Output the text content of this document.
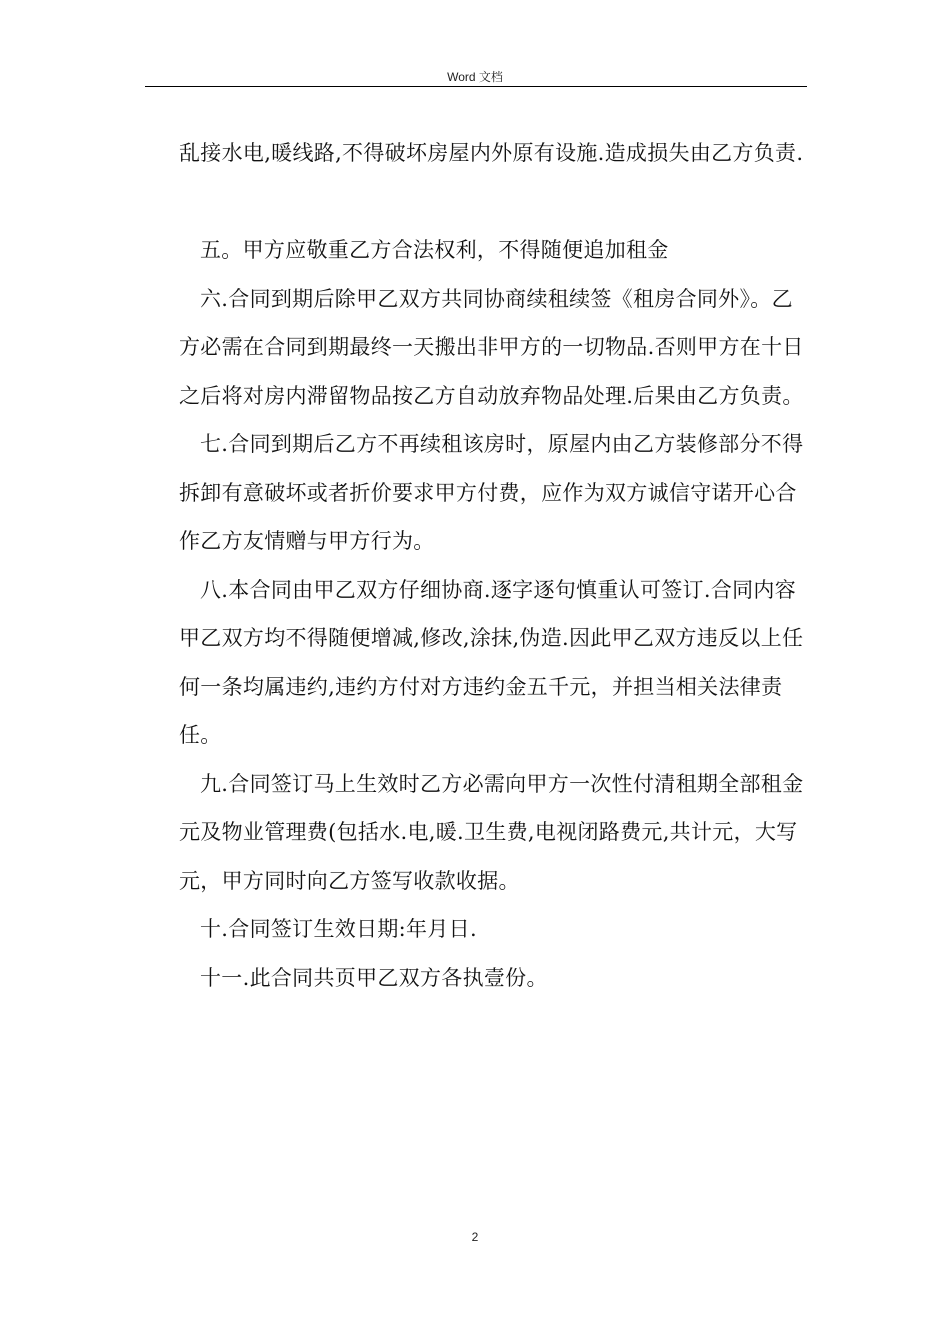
Word 文档

乱接水电,暖线路,不得破坏房屋内外原有设施.造成损失由乙方负责.

五。甲方应敬重乙方合法权利，不得随便追加租金

六.合同到期后除甲乙双方共同协商续租续签《租房合同外》。乙方必需在合同到期最终一天搬出非甲方的一切物品.否则甲方在十日之后将对房内滞留物品按乙方自动放弃物品处理.后果由乙方负责。

七.合同到期后乙方不再续租该房时，原屋内由乙方装修部分不得拆卸有意破坏或者折价要求甲方付费，应作为双方诚信守诺开心合作乙方友情赠与甲方行为。

八.本合同由甲乙双方仔细协商.逐字逐句慎重认可签订.合同内容甲乙双方均不得随便增减,修改,涂抹,伪造.因此甲乙双方违反以上任何一条均属违约,违约方付对方违约金五千元，并担当相关法律责任。

九.合同签订马上生效时乙方必需向甲方一次性付清租期全部租金元及物业管理费(包括水.电,暖.卫生费,电视闭路费元,共计元，大写元，甲方同时向乙方签写收款收据。

十.合同签订生效日期:年月日.

十一.此合同共页甲乙双方各执壹份。

2
